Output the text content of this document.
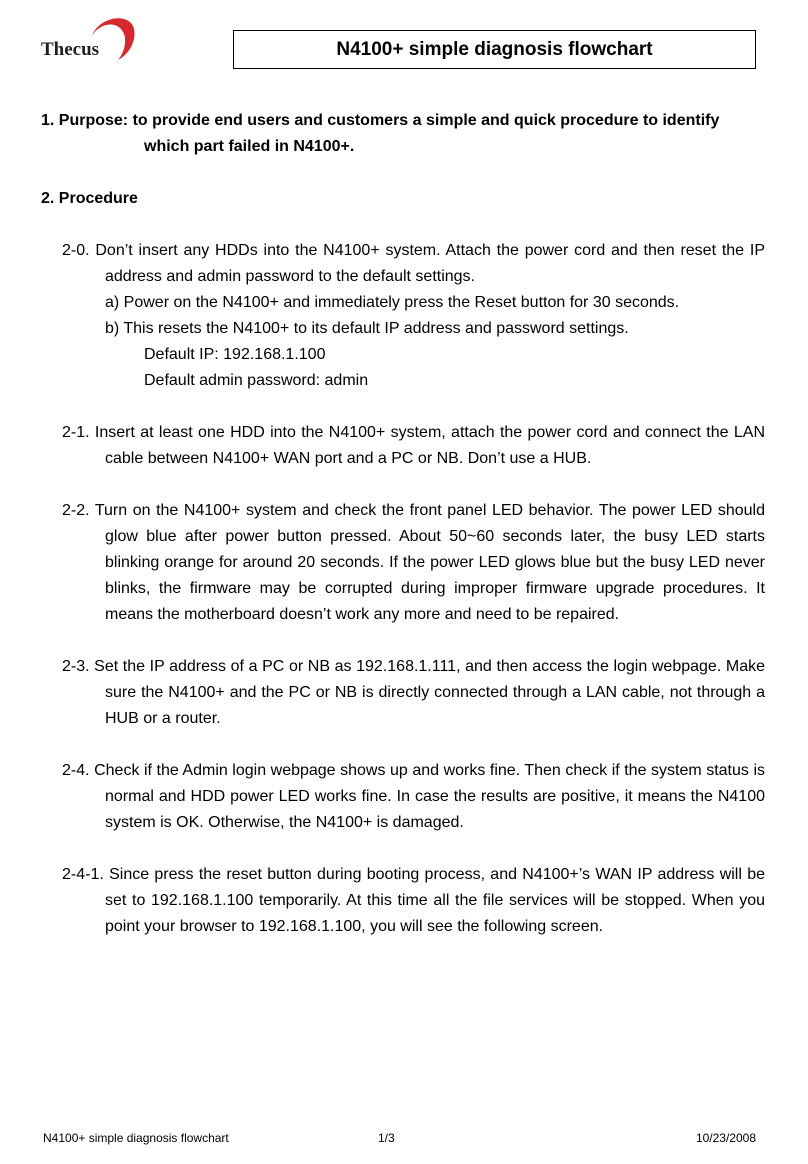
Thecus	N4100+ simple diagnosis flowchart
1. Purpose: to provide end users and customers a simple and quick procedure to identify
which part failed in N4100+.
2. Procedure
2-0. Don’t insert any HDDs into the N4100+ system. Attach the power cord and then reset the IP address and admin password to the default settings.
a) Power on the N4100+ and immediately press the Reset button for 30 seconds.
b) This resets the N4100+ to its default IP address and password settings.
Default IP: 192.168.1.100
Default admin password: admin
2-1. Insert at least one HDD into the N4100+ system, attach the power cord and connect the LAN cable between N4100+ WAN port and a PC or NB. Don’t use a HUB.
2-2. Turn on the N4100+ system and check the front panel LED behavior. The power LED should glow blue after power button pressed. About 50~60 seconds later, the busy LED starts blinking orange for around 20 seconds. If the power LED glows blue but the busy LED never blinks, the firmware may be corrupted during improper firmware upgrade procedures. It means the motherboard doesn’t work any more and need to be repaired.
2-3. Set the IP address of a PC or NB as 192.168.1.111, and then access the login webpage. Make sure the N4100+ and the PC or NB is directly connected through a LAN cable, not through a HUB or a router.
2-4. Check if the Admin login webpage shows up and works fine. Then check if the system status is normal and HDD power LED works fine. In case the results are positive, it means the N4100 system is OK. Otherwise, the N4100+ is damaged.
2-4-1. Since press the reset button during booting process, and N4100+’s WAN IP address will be set to 192.168.1.100 temporarily. At this time all the file services will be stopped. When you point your browser to 192.168.1.100, you will see the following screen.
N4100+ simple diagnosis flowchart	1/3	10/23/2008
